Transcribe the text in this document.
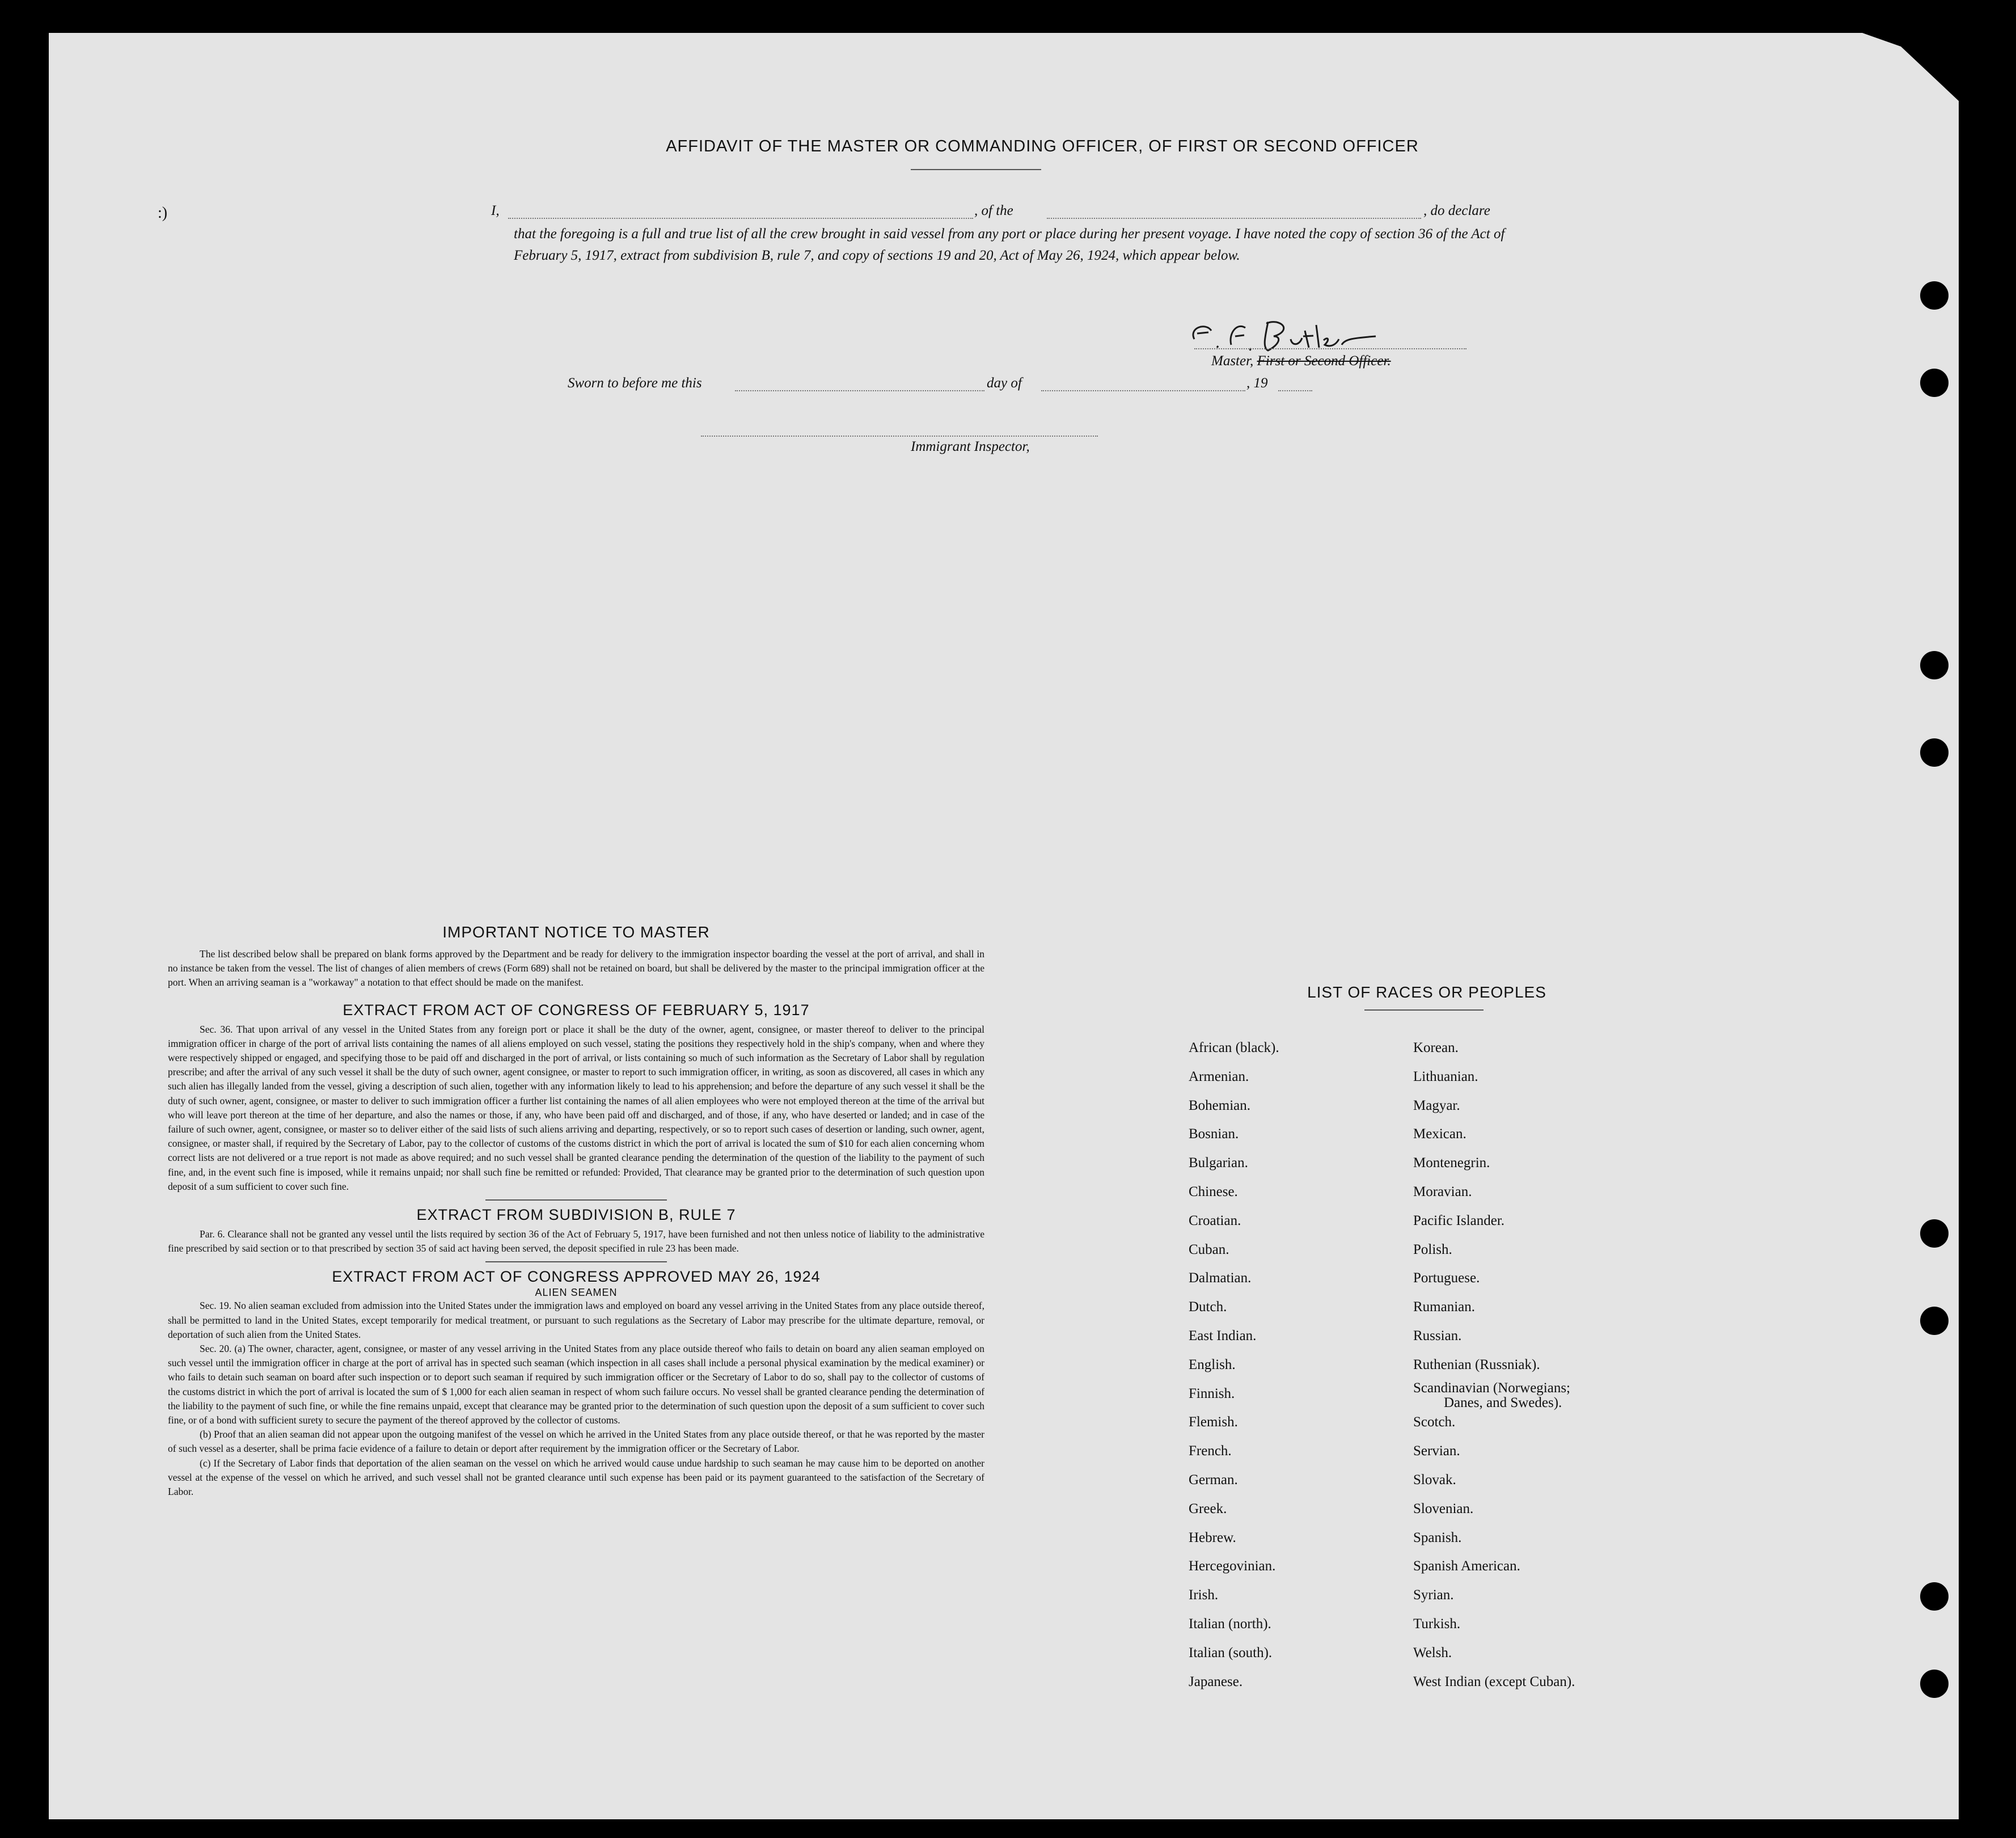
AFFIDAVIT OF THE MASTER OR COMMANDING OFFICER, OF FIRST OR SECOND OFFICER
:)	I,	, of the	, do declare
that the foregoing is a full and true list of all the crew brought in said vessel from any port or place during her present voyage. I have noted the copy of section 36 of the Act of February 5, 1917, extract from subdivision B, rule 7, and copy of sections 19 and 20, Act of May 26, 1924, which appear below.
Master, First or Second Officer.
Sworn to before me this	day of	, 19
Immigrant Inspector,
IMPORTANT NOTICE TO MASTER

The list described below shall be prepared on blank forms approved by the Department and be ready for delivery to the immigration inspector boarding the vessel at the port of arrival, and shall in no instance be taken from the vessel. The list of changes of alien members of crews (Form 689) shall not be retained on board, but shall be delivered by the master to the principal immigration officer at the port. When an arriving seaman is a "workaway" a notation to that effect should be made on the manifest.

EXTRACT FROM ACT OF CONGRESS OF FEBRUARY 5, 1917

Sec. 36. That upon arrival of any vessel in the United States from any foreign port or place it shall be the duty of the owner, agent, consignee, or master thereof to deliver to the principal immigration officer in charge of the port of arrival lists containing the names of all aliens employed on such vessel, stating the positions they respectively hold in the ship's company, when and where they were respectively shipped or engaged, and specifying those to be paid off and discharged in the port of arrival, or lists containing so much of such information as the Secretary of Labor shall by regulation prescribe; and after the arrival of any such vessel it shall be the duty of such owner, agent consignee, or master to report to such immigration officer, in writing, as soon as discovered, all cases in which any such alien has illegally landed from the vessel, giving a description of such alien, together with any information likely to lead to his apprehension; and before the departure of any such vessel it shall be the duty of such owner, agent, consignee, or master to deliver to such immigration officer a further list containing the names of all alien employees who were not employed thereon at the time of the arrival but who will leave port thereon at the time of her departure, and also the names or those, if any, who have been paid off and discharged, and of those, if any, who have deserted or landed; and in case of the failure of such owner, agent, consignee, or master so to deliver either of the said lists of such aliens arriving and departing, respectively, or so to report such cases of desertion or landing, such owner, agent, consignee, or master shall, if required by the Secretary of Labor, pay to the collector of customs of the customs district in which the port of arrival is located the sum of $10 for each alien concerning whom correct lists are not delivered or a true report is not made as above required; and no such vessel shall be granted clearance pending the determination of the question of the liability to the payment of such fine, and, in the event such fine is imposed, while it remains unpaid; nor shall such fine be remitted or refunded: Provided, That clearance may be granted prior to the determination of such question upon deposit of a sum sufficient to cover such fine.

EXTRACT FROM SUBDIVISION B, RULE 7

Par. 6. Clearance shall not be granted any vessel until the lists required by section 36 of the Act of February 5, 1917, have been furnished and not then unless notice of liability to the administrative fine prescribed by said section or to that prescribed by section 35 of said act having been served, the deposit specified in rule 23 has been made.

EXTRACT FROM ACT OF CONGRESS APPROVED MAY 26, 1924
ALIEN SEAMEN

Sec. 19. No alien seaman excluded from admission into the United States under the immigration laws and employed on board any vessel arriving in the United States from any place outside thereof, shall be permitted to land in the United States, except temporarily for medical treatment, or pursuant to such regulations as the Secretary of Labor may prescribe for the ultimate departure, removal, or deportation of such alien from the United States.

Sec. 20. (a) The owner, character, agent, consignee, or master of any vessel arriving in the United States from any place outside thereof who fails to detain on board any alien seaman employed on such vessel until the immigration officer in charge at the port of arrival has in spected such seaman (which inspection in all cases shall include a personal physical examination by the medical examiner) or who fails to detain such seaman on board after such inspection or to deport such seaman if required by such immigration officer or the Secretary of Labor to do so, shall pay to the collector of customs of the customs district in which the port of arrival is located the sum of $ 1,000 for each alien seaman in respect of whom such failure occurs. No vessel shall be granted clearance pending the determination of the liability to the payment of such fine, or while the fine remains unpaid, except that clearance may be granted prior to the determination of such question upon the deposit of a sum sufficient to cover such fine, or of a bond with sufficient surety to secure the payment of the thereof approved by the collector of customs.

(b) Proof that an alien seaman did not appear upon the outgoing manifest of the vessel on which he arrived in the United States from any place outside thereof, or that he was reported by the master of such vessel as a deserter, shall be prima facie evidence of a failure to detain or deport after requirement by the immigration officer or the Secretary of Labor.

(c) If the Secretary of Labor finds that deportation of the alien seaman on the vessel on which he arrived would cause undue hardship to such seaman he may cause him to be deported on another vessel at the expense of the vessel on which he arrived, and such vessel shall not be granted clearance until such expense has been paid or its payment guaranteed to the satisfaction of the Secretary of Labor.

LIST OF RACES OR PEOPLES
African (black).
Armenian.
Bohemian.
Bosnian.
Bulgarian.
Chinese.
Croatian.
Cuban.
Dalmatian.
Dutch.
East Indian.
English.
Finnish.
Flemish.
French.
German.
Greek.
Hebrew.
Hercegovinian.
Irish.
Italian (north).
Italian (south).
Japanese.
Korean.
Lithuanian.
Magyar.
Mexican.
Montenegrin.
Moravian.
Pacific Islander.
Polish.
Portuguese.
Rumanian.
Russian.
Ruthenian (Russniak).
Scandinavian (Norwegians;
Scotch.
Servian.
Slovak.
Slovenian.
Spanish.
Spanish American.
Syrian.
Turkish.
Welsh.
West Indian (except Cuban).
Danes, and Swedes).
